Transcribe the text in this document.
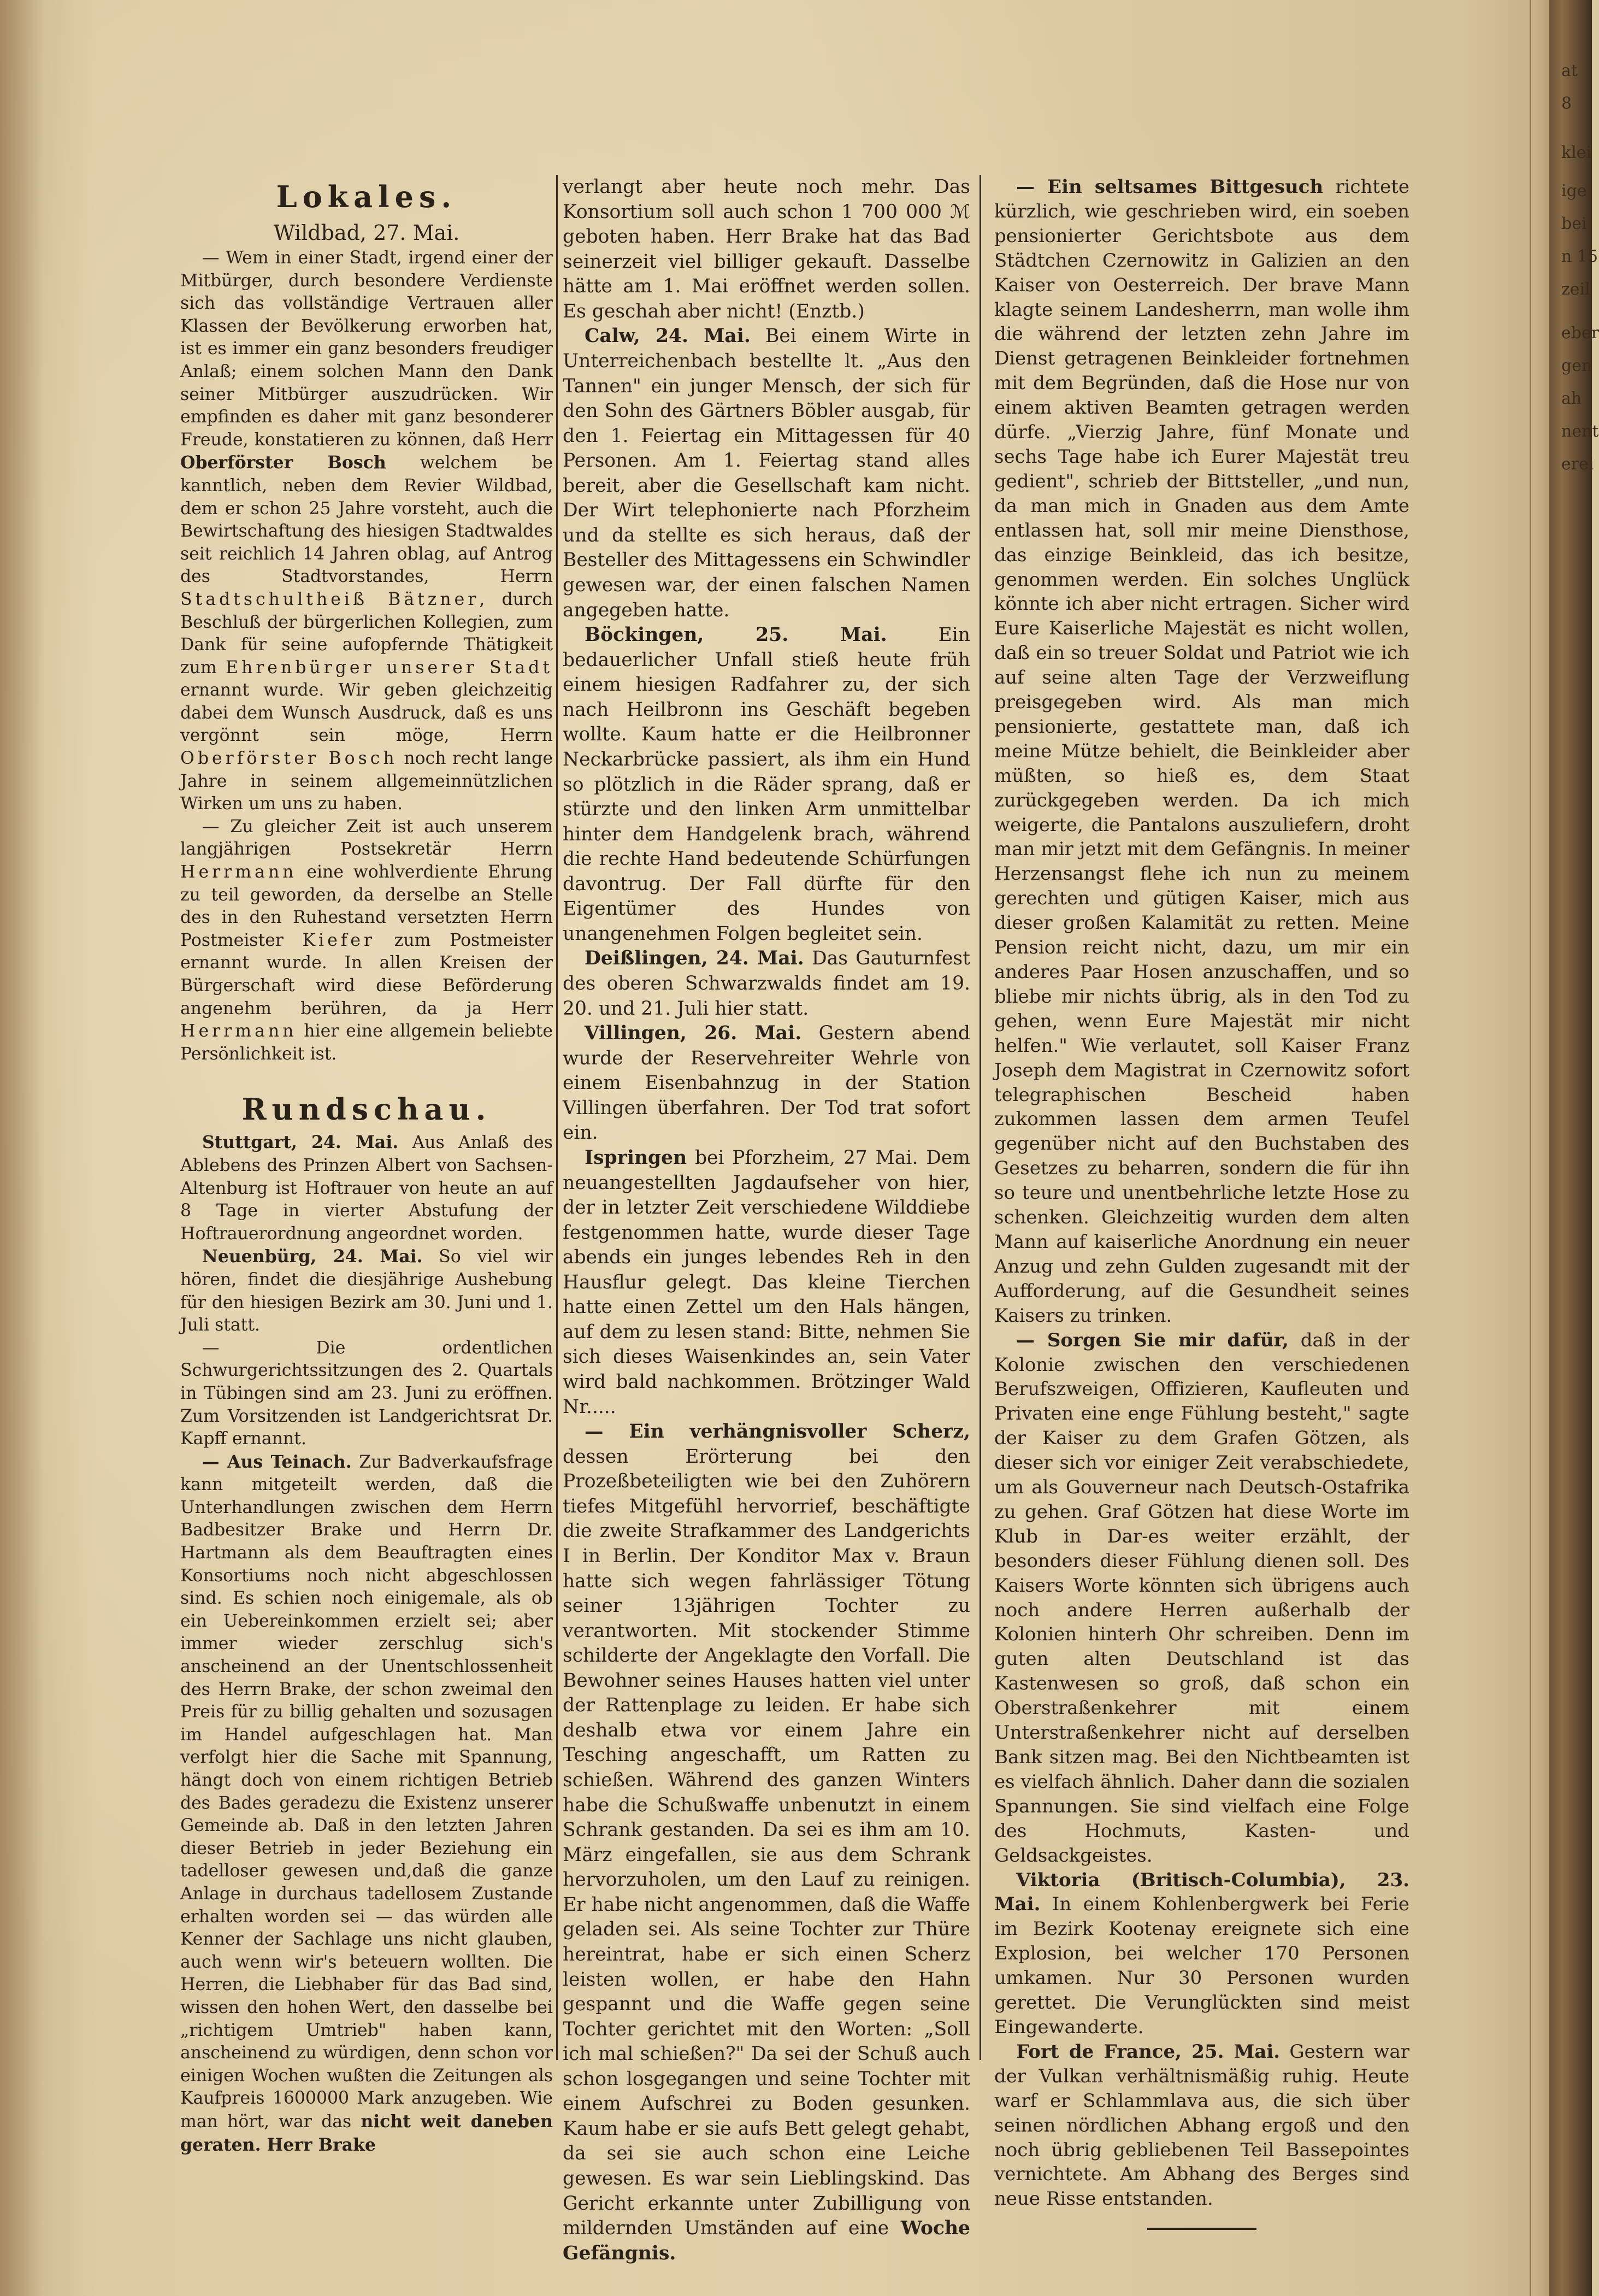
at
8
klei
ige
bei
n 15
zeil
eber
gen
ah
nent
erei
Lokales.
Wildbad, 27. Mai.

— Wem in einer Stadt, irgend einer der Mitbürger, durch besondere Verdienste sich das vollständige Vertrauen aller Klassen der Bevölkerung erworben hat, ist es immer ein ganz besonders freudiger Anlaß; einem solchen Mann den Dank seiner Mitbürger auszudrücken. Wir empfinden es daher mit ganz besonderer Freude, konstatieren zu können, daß Herr Oberförster Bosch welchem be kanntlich, neben dem Revier Wildbad, dem er schon 25 Jahre vorsteht, auch die Bewirtschaftung des hiesigen Stadtwaldes seit reichlich 14 Jahren oblag, auf Antrog des Stadtvorstandes, Herrn Stadtschultheiß Bätzner, durch Beschluß der bürgerlichen Kollegien, zum Dank für seine aufopfernde Thätigkeit zum Ehrenbürger unserer Stadt ernannt wurde. Wir geben gleichzeitig dabei dem Wunsch Ausdruck, daß es uns vergönnt sein möge, Herrn Oberförster Bosch noch recht lange Jahre in seinem allgemeinnützlichen Wirken um uns zu haben.

— Zu gleicher Zeit ist auch unserem langjährigen Postsekretär Herrn Herrmann eine wohlverdiente Ehrung zu teil geworden, da derselbe an Stelle des in den Ruhestand versetzten Herrn Postmeister Kiefer zum Postmeister ernannt wurde. In allen Kreisen der Bürgerschaft wird diese Beförderung angenehm berühren, da ja Herr Herrmann hier eine allgemein beliebte Persönlichkeit ist.

Rundschau.

Stuttgart, 24. Mai. Aus Anlaß des Ablebens des Prinzen Albert von Sachsen-Altenburg ist Hoftrauer von heute an auf 8 Tage in vierter Abstufung der Hoftrauerordnung angeordnet worden.

Neuenbürg, 24. Mai. So viel wir hören, findet die diesjährige Aushebung für den hiesigen Bezirk am 30. Juni und 1. Juli statt.

— Die ordentlichen Schwurgerichtssitzungen des 2. Quartals in Tübingen sind am 23. Juni zu eröffnen. Zum Vorsitzenden ist Landgerichtsrat Dr. Kapff ernannt.

— Aus Teinach. Zur Badverkaufsfrage kann mitgeteilt werden, daß die Unterhandlungen zwischen dem Herrn Badbesitzer Brake und Herrn Dr. Hartmann als dem Beauftragten eines Konsortiums noch nicht abgeschlossen sind. Es schien noch einigemale, als ob ein Uebereinkommen erzielt sei; aber immer wieder zerschlug sich's anscheinend an der Unentschlossenheit des Herrn Brake, der schon zweimal den Preis für zu billig gehalten und sozusagen im Handel aufgeschlagen hat. Man verfolgt hier die Sache mit Spannung, hängt doch von einem richtigen Betrieb des Bades geradezu die Existenz unserer Gemeinde ab. Daß in den letzten Jahren dieser Betrieb in jeder Beziehung ein tadelloser gewesen und,daß die ganze Anlage in durchaus tadellosem Zustande erhalten worden sei — das würden alle Kenner der Sachlage uns nicht glauben, auch wenn wir's beteuern wollten. Die Herren, die Liebhaber für das Bad sind, wissen den hohen Wert, den dasselbe bei „richtigem Umtrieb" haben kann, anscheinend zu würdigen, denn schon vor einigen Wochen wußten die Zeitungen als Kaufpreis 1600000 Mark anzugeben. Wie man hört, war das nicht weit daneben geraten. Herr Brake

verlangt aber heute noch mehr. Das Konsortium soll auch schon 1 700 000 ℳ geboten haben. Herr Brake hat das Bad seinerzeit viel billiger gekauft. Dasselbe hätte am 1. Mai eröffnet werden sollen. Es geschah aber nicht! (Enztb.)

Calw, 24. Mai. Bei einem Wirte in Unterreichenbach bestellte lt. „Aus den Tannen" ein junger Mensch, der sich für den Sohn des Gärtners Böbler ausgab, für den 1. Feiertag ein Mittagessen für 40 Personen. Am 1. Feiertag stand alles bereit, aber die Gesellschaft kam nicht. Der Wirt telephonierte nach Pforzheim und da stellte es sich heraus, daß der Besteller des Mittagessens ein Schwindler gewesen war, der einen falschen Namen angegeben hatte.

Böckingen, 25. Mai. Ein bedauerlicher Unfall stieß heute früh einem hiesigen Radfahrer zu, der sich nach Heilbronn ins Geschäft begeben wollte. Kaum hatte er die Heilbronner Neckarbrücke passiert, als ihm ein Hund so plötzlich in die Räder sprang, daß er stürzte und den linken Arm unmittelbar hinter dem Handgelenk brach, während die rechte Hand bedeutende Schürfungen davontrug. Der Fall dürfte für den Eigentümer des Hundes von unangenehmen Folgen begleitet sein.

Deißlingen, 24. Mai. Das Gauturnfest des oberen Schwarzwalds findet am 19. 20. und 21. Juli hier statt.

Villingen, 26. Mai. Gestern abend wurde der Reservehreiter Wehrle von einem Eisenbahnzug in der Station Villingen überfahren. Der Tod trat sofort ein.

Ispringen bei Pforzheim, 27 Mai. Dem neuangestellten Jagdaufseher von hier, der in letzter Zeit verschiedene Wilddiebe festgenommen hatte, wurde dieser Tage abends ein junges lebendes Reh in den Hausflur gelegt. Das kleine Tierchen hatte einen Zettel um den Hals hängen, auf dem zu lesen stand: Bitte, nehmen Sie sich dieses Waisenkindes an, sein Vater wird bald nachkommen. Brötzinger Wald Nr.....

— Ein verhängnisvoller Scherz, dessen Erörterung bei den Prozeßbeteiligten wie bei den Zuhörern tiefes Mitgefühl hervorrief, beschäftigte die zweite Strafkammer des Landgerichts I in Berlin. Der Konditor Max v. Braun hatte sich wegen fahrlässiger Tötung seiner 13jährigen Tochter zu verantworten. Mit stockender Stimme schilderte der Angeklagte den Vorfall. Die Bewohner seines Hauses hatten viel unter der Rattenplage zu leiden. Er habe sich deshalb etwa vor einem Jahre ein Tesching angeschafft, um Ratten zu schießen. Während des ganzen Winters habe die Schußwaffe unbenutzt in einem Schrank gestanden. Da sei es ihm am 10. März eingefallen, sie aus dem Schrank hervorzuholen, um den Lauf zu reinigen. Er habe nicht angenommen, daß die Waffe geladen sei. Als seine Tochter zur Thüre hereintrat, habe er sich einen Scherz leisten wollen, er habe den Hahn gespannt und die Waffe gegen seine Tochter gerichtet mit den Worten: „Soll ich mal schießen?" Da sei der Schuß auch schon losgegangen und seine Tochter mit einem Aufschrei zu Boden gesunken. Kaum habe er sie aufs Bett gelegt gehabt, da sei sie auch schon eine Leiche gewesen. Es war sein Lieblingskind. Das Gericht erkannte unter Zubilligung von mildernden Umständen auf eine Woche Gefängnis.

— Ein seltsames Bittgesuch richtete kürzlich, wie geschrieben wird, ein soeben pensionierter Gerichtsbote aus dem Städtchen Czernowitz in Galizien an den Kaiser von Oesterreich. Der brave Mann klagte seinem Landesherrn, man wolle ihm die während der letzten zehn Jahre im Dienst getragenen Beinkleider fortnehmen mit dem Begründen, daß die Hose nur von einem aktiven Beamten getragen werden dürfe. „Vierzig Jahre, fünf Monate und sechs Tage habe ich Eurer Majestät treu gedient", schrieb der Bittsteller, „und nun, da man mich in Gnaden aus dem Amte entlassen hat, soll mir meine Diensthose, das einzige Beinkleid, das ich besitze, genommen werden. Ein solches Unglück könnte ich aber nicht ertragen. Sicher wird Eure Kaiserliche Majestät es nicht wollen, daß ein so treuer Soldat und Patriot wie ich auf seine alten Tage der Verzweiflung preisgegeben wird. Als man mich pensionierte, gestattete man, daß ich meine Mütze behielt, die Beinkleider aber müßten, so hieß es, dem Staat zurückgegeben werden. Da ich mich weigerte, die Pantalons auszuliefern, droht man mir jetzt mit dem Gefängnis. In meiner Herzensangst flehe ich nun zu meinem gerechten und gütigen Kaiser, mich aus dieser großen Kalamität zu retten. Meine Pension reicht nicht, dazu, um mir ein anderes Paar Hosen anzuschaffen, und so bliebe mir nichts übrig, als in den Tod zu gehen, wenn Eure Majestät mir nicht helfen." Wie verlautet, soll Kaiser Franz Joseph dem Magistrat in Czernowitz sofort telegraphischen Bescheid haben zukommen lassen dem armen Teufel gegenüber nicht auf den Buchstaben des Gesetzes zu beharren, sondern die für ihn so teure und unentbehrliche letzte Hose zu schenken. Gleichzeitig wurden dem alten Mann auf kaiserliche Anordnung ein neuer Anzug und zehn Gulden zugesandt mit der Aufforderung, auf die Gesundheit seines Kaisers zu trinken.

— Sorgen Sie mir dafür, daß in der Kolonie zwischen den verschiedenen Berufszweigen, Offizieren, Kaufleuten und Privaten eine enge Fühlung besteht," sagte der Kaiser zu dem Grafen Götzen, als dieser sich vor einiger Zeit verabschiedete, um als Gouverneur nach Deutsch-Ostafrika zu gehen. Graf Götzen hat diese Worte im Klub in Dar-es weiter erzählt, der besonders dieser Fühlung dienen soll. Des Kaisers Worte könnten sich übrigens auch noch andere Herren außerhalb der Kolonien hinterh Ohr schreiben. Denn im guten alten Deutschland ist das Kastenwesen so groß, daß schon ein Oberstraßenkehrer mit einem Unterstraßenkehrer nicht auf derselben Bank sitzen mag. Bei den Nichtbeamten ist es vielfach ähnlich. Daher dann die sozialen Spannungen. Sie sind vielfach eine Folge des Hochmuts, Kasten- und Geldsackgeistes.

Viktoria (Britisch-Columbia), 23. Mai. In einem Kohlenbergwerk bei Ferie im Bezirk Kootenay ereignete sich eine Explosion, bei welcher 170 Personen umkamen. Nur 30 Personen wurden gerettet. Die Verunglückten sind meist Eingewanderte.

Fort de France, 25. Mai. Gestern war der Vulkan verhältnismäßig ruhig. Heute warf er Schlammlava aus, die sich über seinen nördlichen Abhang ergoß und den noch übrig gebliebenen Teil Bassepointes vernichtete. Am Abhang des Berges sind neue Risse entstanden.
